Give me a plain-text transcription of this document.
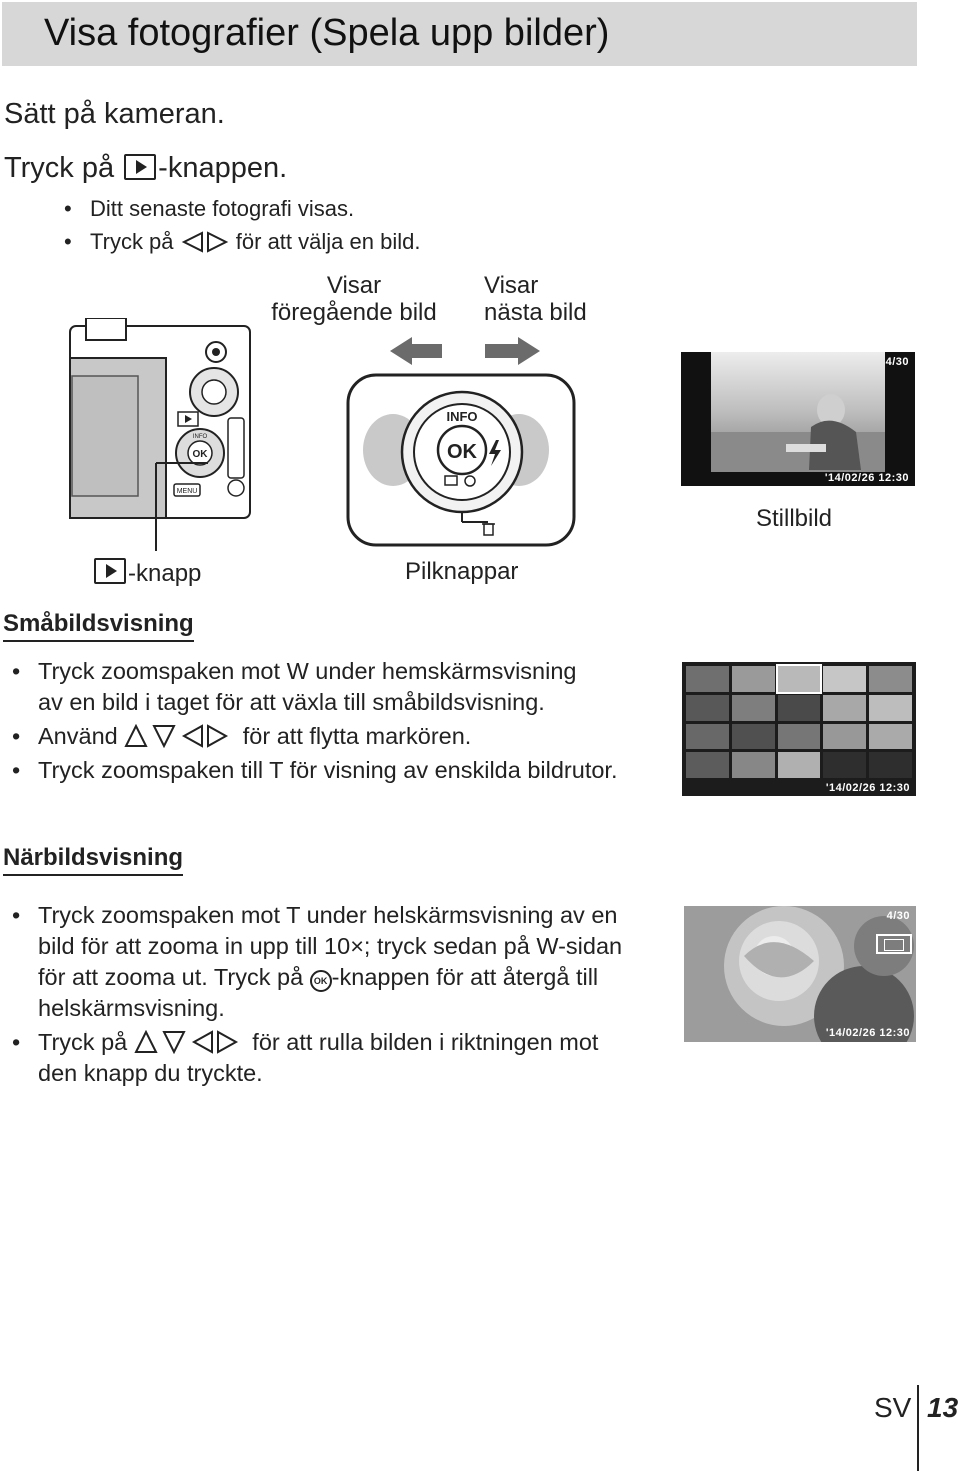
Visa fotografier (Spela upp bilder)
Sätt på kameran.
Tryck på -knappen.
• Ditt senaste fotografi visas.
• Tryck på	för att välja en bild.
Visar
föregående bild
Visar
nästa bild
OK
INFO
MENU
OK
INFO
4/30
'14/02/26 12:30
Stillbild
-knapp	Pilknappar
Småbildsvisning
• Tryck zoomspaken mot W under hemskärmsvisning
av en bild i taget för att växla till småbildsvisning.
• Använd	för att flytta markören.
• Tryck zoomspaken till T för visning av enskilda bildrutor.
'14/02/26 12:30
Närbildsvisning
• Tryck zoomspaken mot T under helskärmsvisning av en
bild för att zooma in upp till 10×; tryck sedan på W-sidan
för att zooma ut. Tryck på OK -knappen för att återgå till
helskärmsvisning.
• Tryck på	för att rulla bilden i riktningen mot
den knapp du tryckte.
4/30
'14/02/26 12:30
SV 13
